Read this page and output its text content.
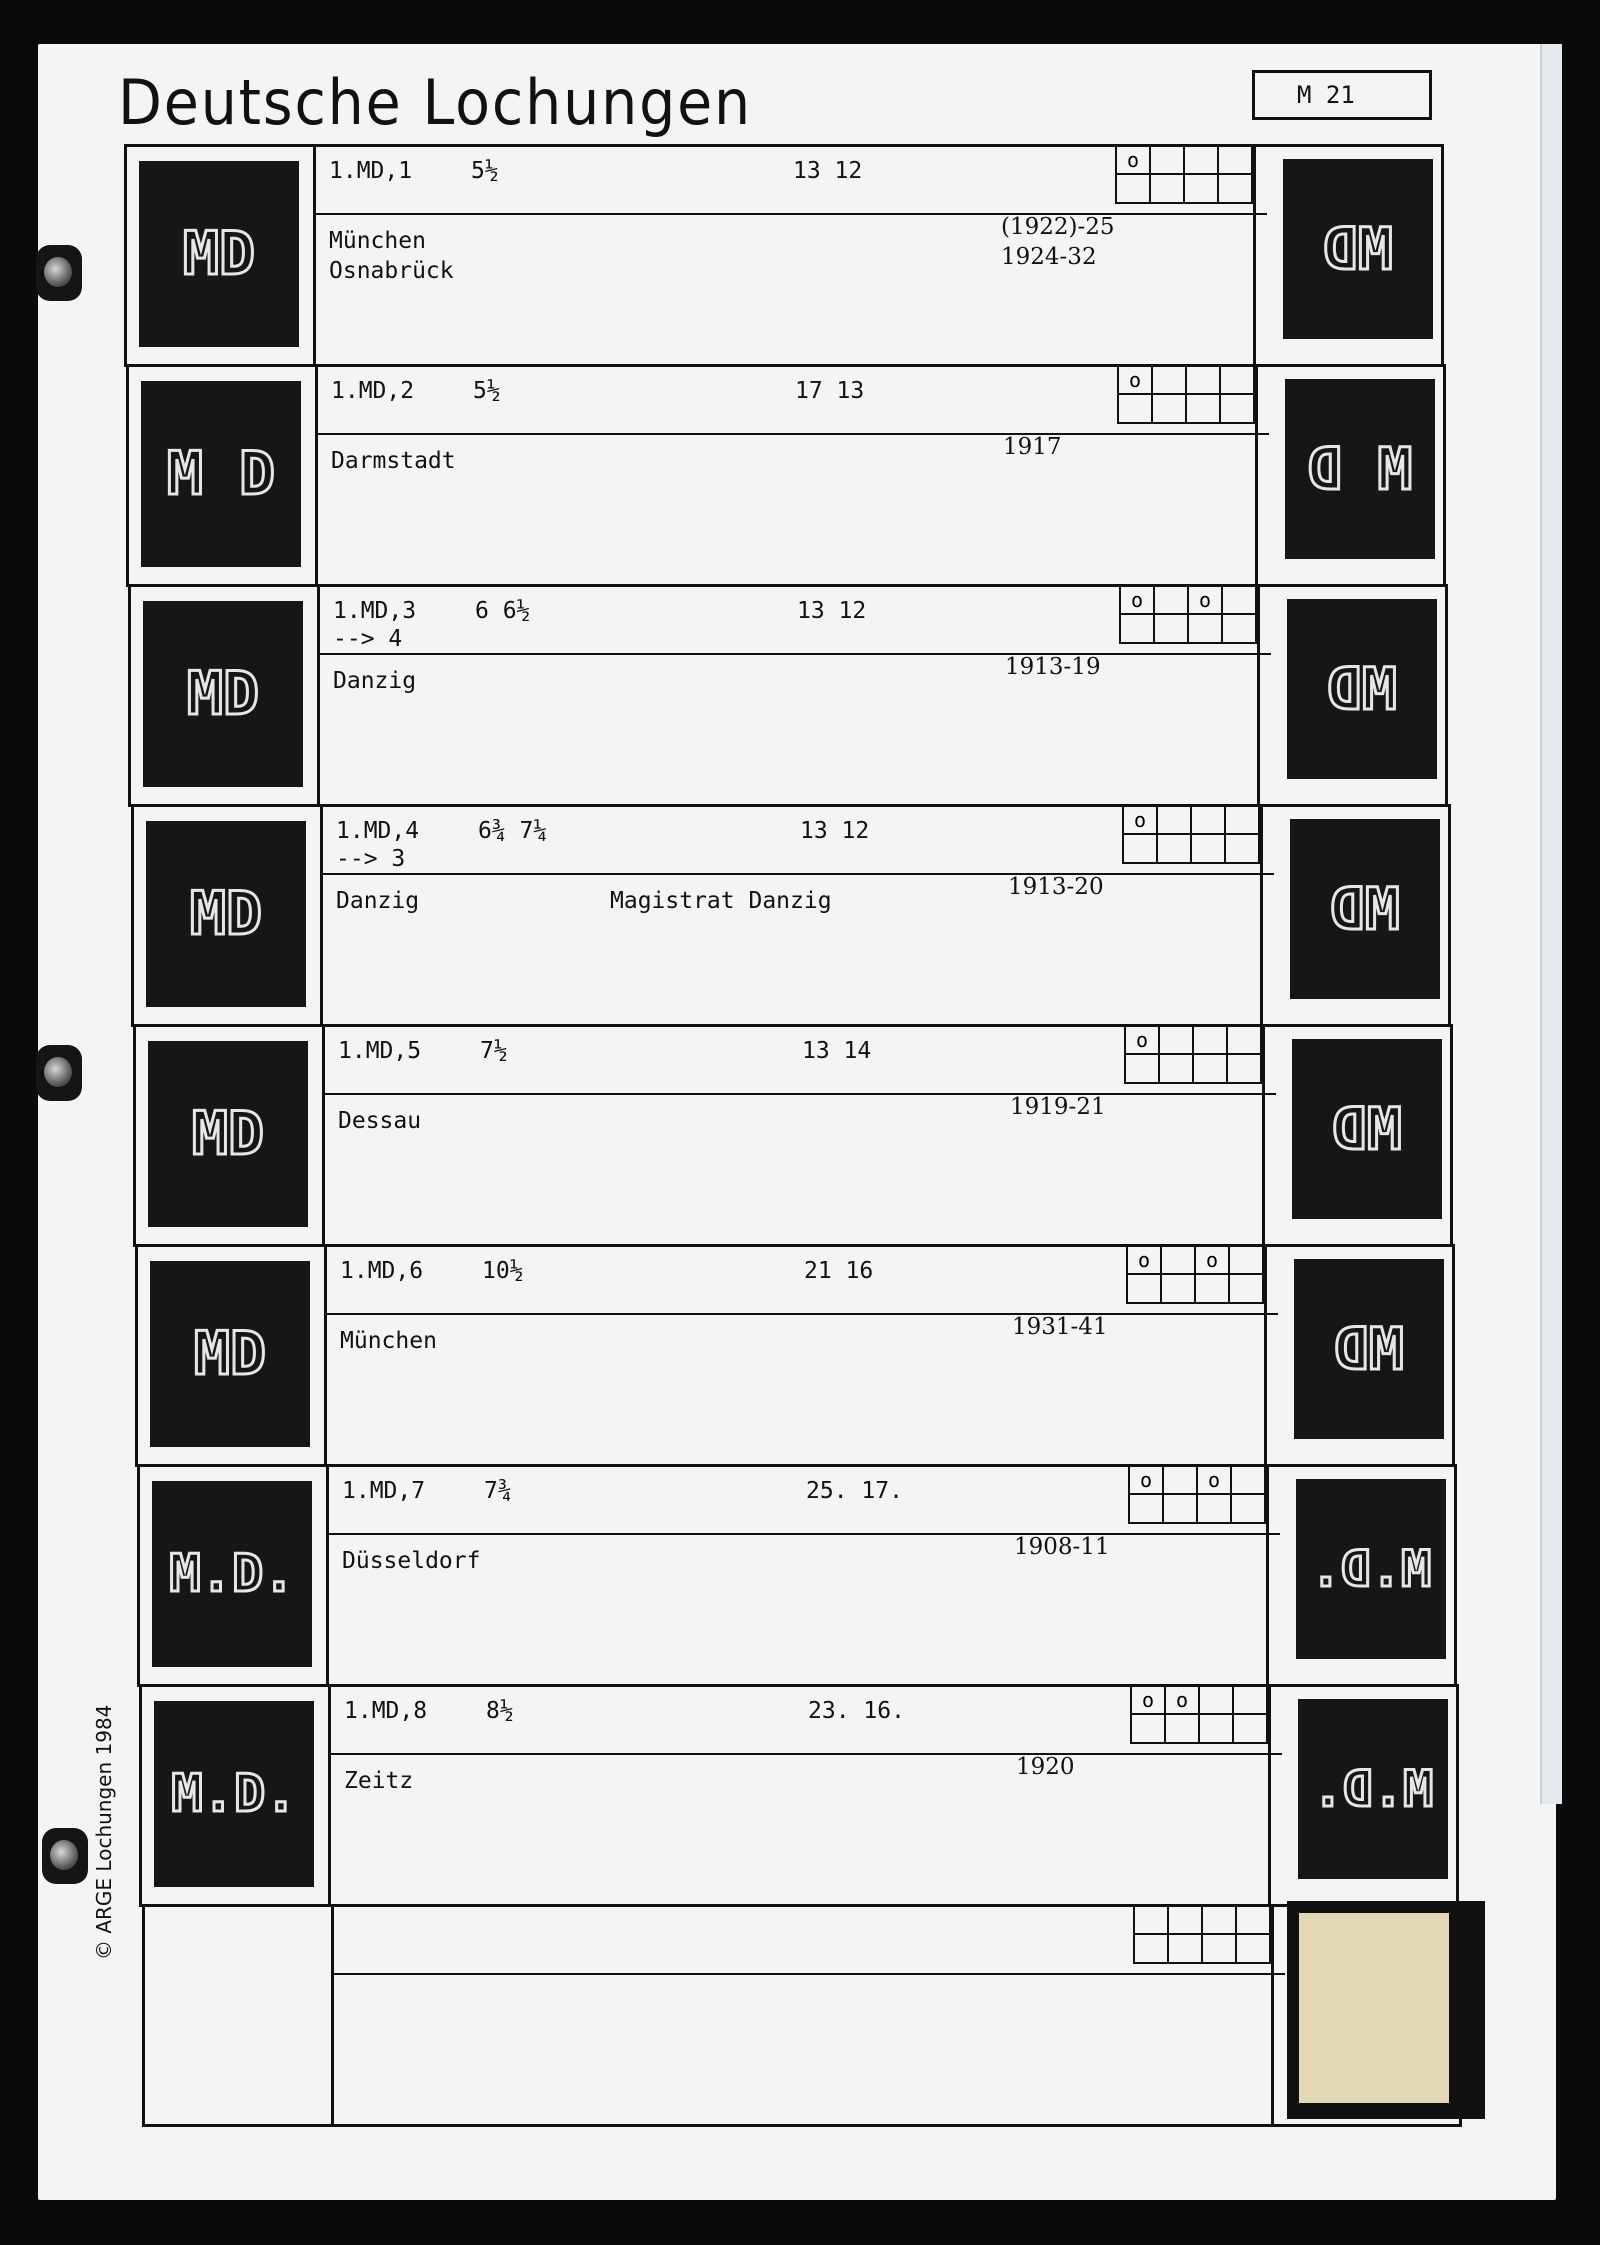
Deutsche Lochungen	M 21
© ARGE Lochungen 1984
MD
1.MD,1	5½	13 12
München
Osnabrück
(1922)-25
1924-32
o			

MD
M D
1.MD,2	5½	17 13
Darmstadt
1917
o			

M D
MD
1.MD,3	6 6½
--> 4
13 12
Danzig
1913-19
o		o	

MD
MD
1.MD,4	6¾ 7¼
--> 3
13 12
Danzig	Magistrat Danzig
1913-20
o			

MD
MD
1.MD,5	7½	13 14
Dessau
1919-21
o			

MD
MD
1.MD,6	10½	21 16
München
1931-41
o		o	

MD
M.D.
1.MD,7	7¾	25. 17.
Düsseldorf
1908-11
o		o	

M.D.
M.D.
1.MD,8	8½	23. 16.
Zeitz
1920
o	o		

M.D.
